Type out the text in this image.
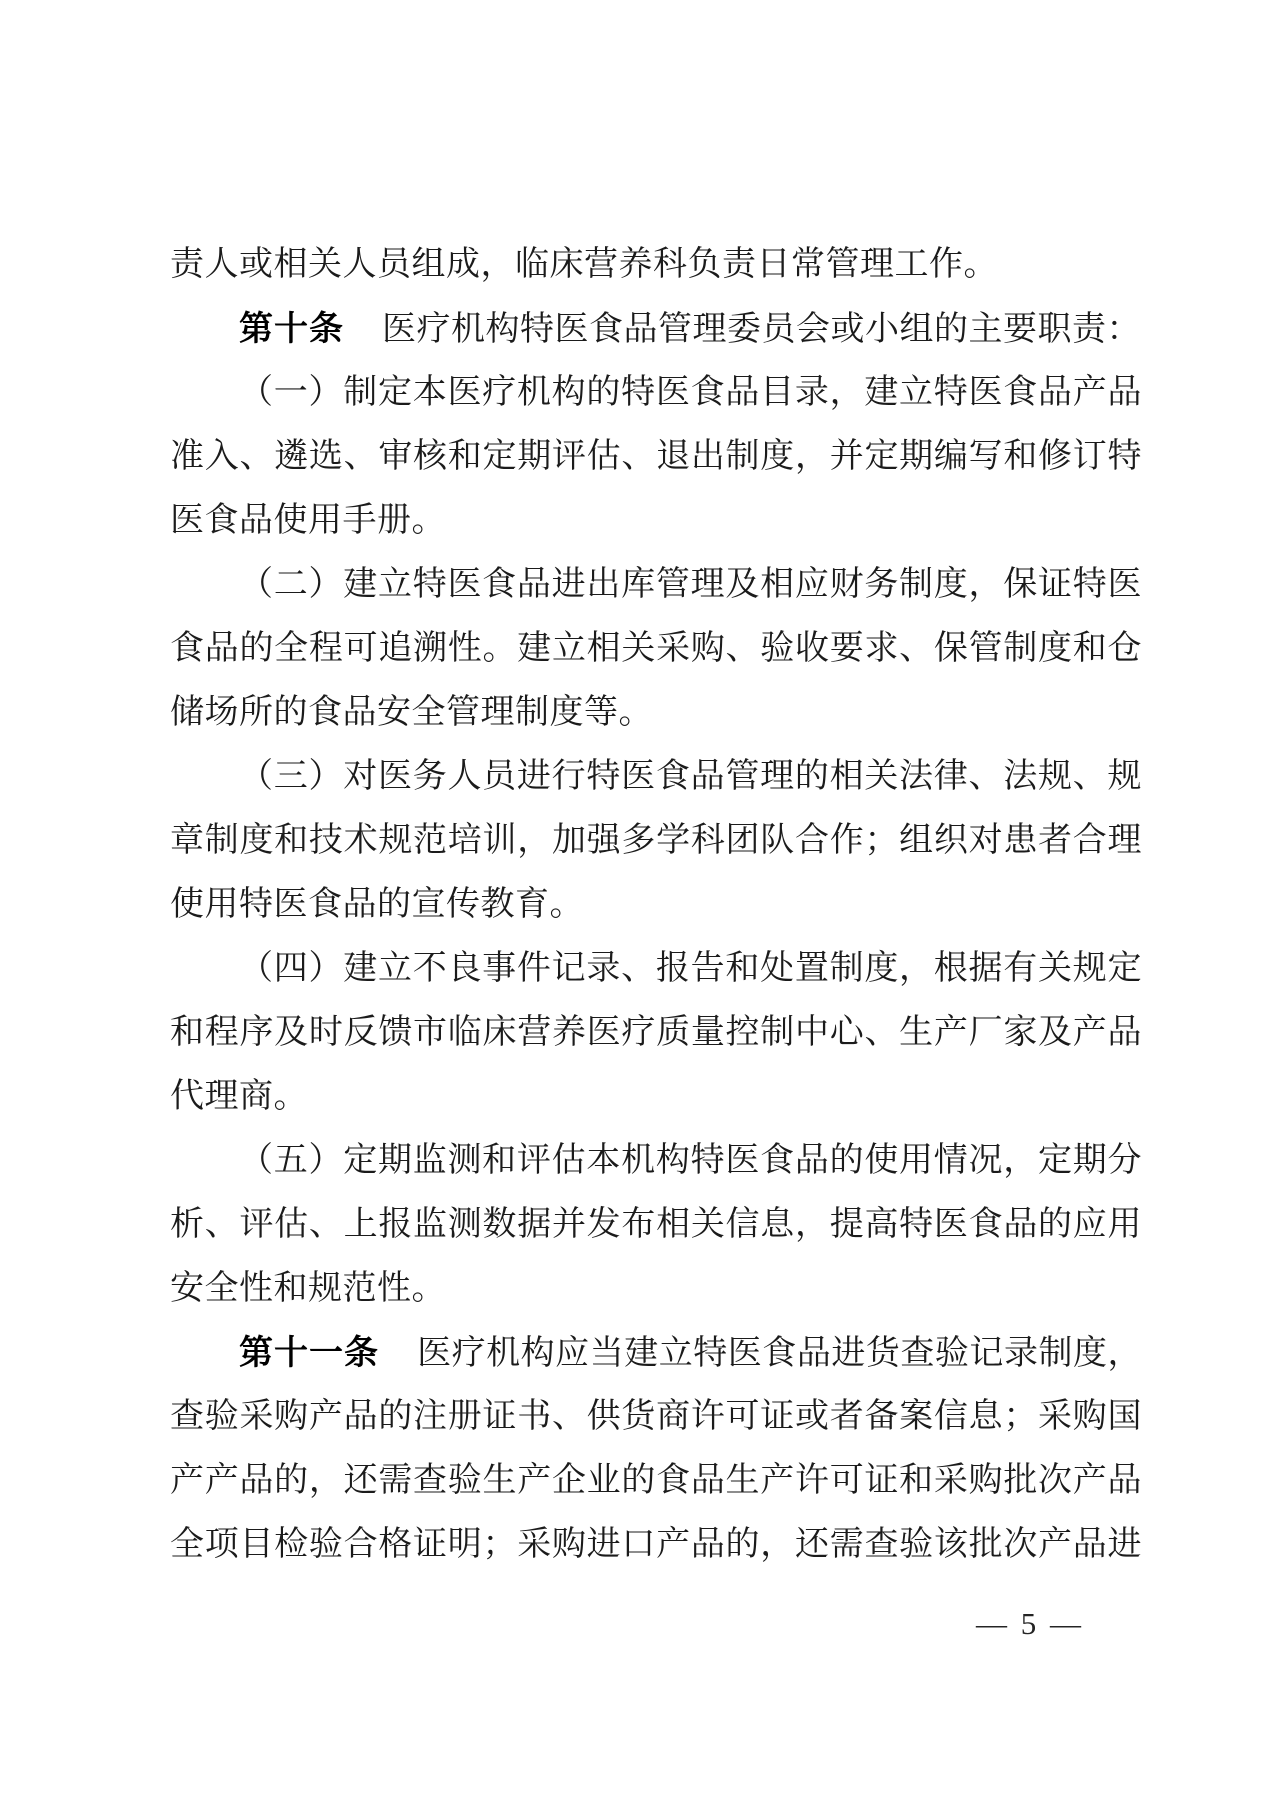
责人或相关人员组成，临床营养科负责日常管理工作。
第十条 医疗机构特医食品管理委员会或小组的主要职责：
（一）制定本医疗机构的特医食品目录，建立特医食品产品
准入、遴选、审核和定期评估、退出制度，并定期编写和修订特
医食品使用手册。
（二）建立特医食品进出库管理及相应财务制度，保证特医
食品的全程可追溯性。建立相关采购、验收要求、保管制度和仓
储场所的食品安全管理制度等。
（三）对医务人员进行特医食品管理的相关法律、法规、规
章制度和技术规范培训，加强多学科团队合作；组织对患者合理
使用特医食品的宣传教育。
（四）建立不良事件记录、报告和处置制度，根据有关规定
和程序及时反馈市临床营养医疗质量控制中心、生产厂家及产品
代理商。
（五）定期监测和评估本机构特医食品的使用情况，定期分
析、评估、上报监测数据并发布相关信息，提高特医食品的应用
安全性和规范性。
第十一条 医疗机构应当建立特医食品进货查验记录制度，
查验采购产品的注册证书、供货商许可证或者备案信息；采购国
产产品的，还需查验生产企业的食品生产许可证和采购批次产品
全项目检验合格证明；采购进口产品的，还需查验该批次产品进
— 5 —
